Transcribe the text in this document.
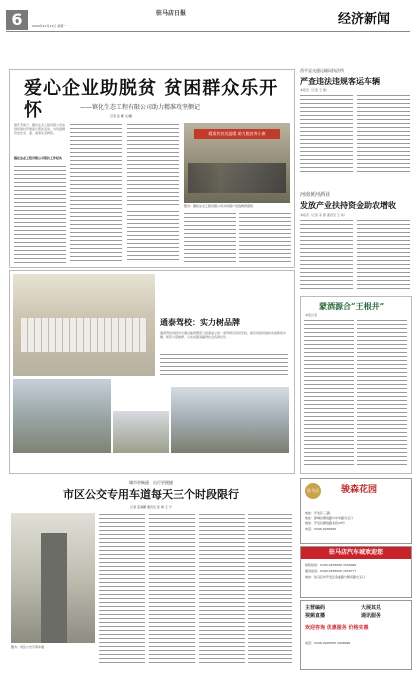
6	2009年10月12日 星期一
驻马店日报	经济新闻
爱心企业助脱贫 贫困群众乐开怀	——镇化生态工程有限公司助力精准攻坚侧记
记者 张 静 文/摄
国庆节前夕，镇化生态工程有限公司来到贫困村开展爱心帮扶活动，为贫困群众送去米、面、油等生活物资。
镇化生态工程有限公司帮扶工作纪实
精准扶贫送温暖 助力脱贫奔小康
图为：镇化生态工程有限公司为贫困户发放物资现场
通泰驾校：实力树品牌
通泰驾校是经市交通运输管理部门批准成立的一类驾驶员培训学校，拥有训练场地和各类教练车辆，师资力量雄厚，以优质服务赢得社会各界好评。
城市更畅通　出行更便捷
市区公交专用车道每天三个时段限行
记者 张海鹏 通讯员 张 梅 王 宁
图为：市区公交专用车道
西平县交通运输局执法所
严查违法违规客运车辆
本报讯（记者 王 春）
河南黄河酒业
发放产业扶持资金助农增收
本报讯（记者 李 霞 通讯员 王 伟）
蒙酒源合“王根井”
本报记者
驻马店 骏森花园
地址：开发区·三路
地址：驿城区解放路与中华路交叉口
地址：开发区解放路北段28号
电话：0396-2958888
驻马店汽车城欢迎您
销售热线：0396-2858888 2858999
服务热线：0396-2858666 2858777
地址：驻马店市开发区金雀路与顺河路交叉口
主营编码
视频直播
大展其兑
通讯服务
欢迎咨询 优惠服务 价格实惠
电话：0396-2908888 2908999
